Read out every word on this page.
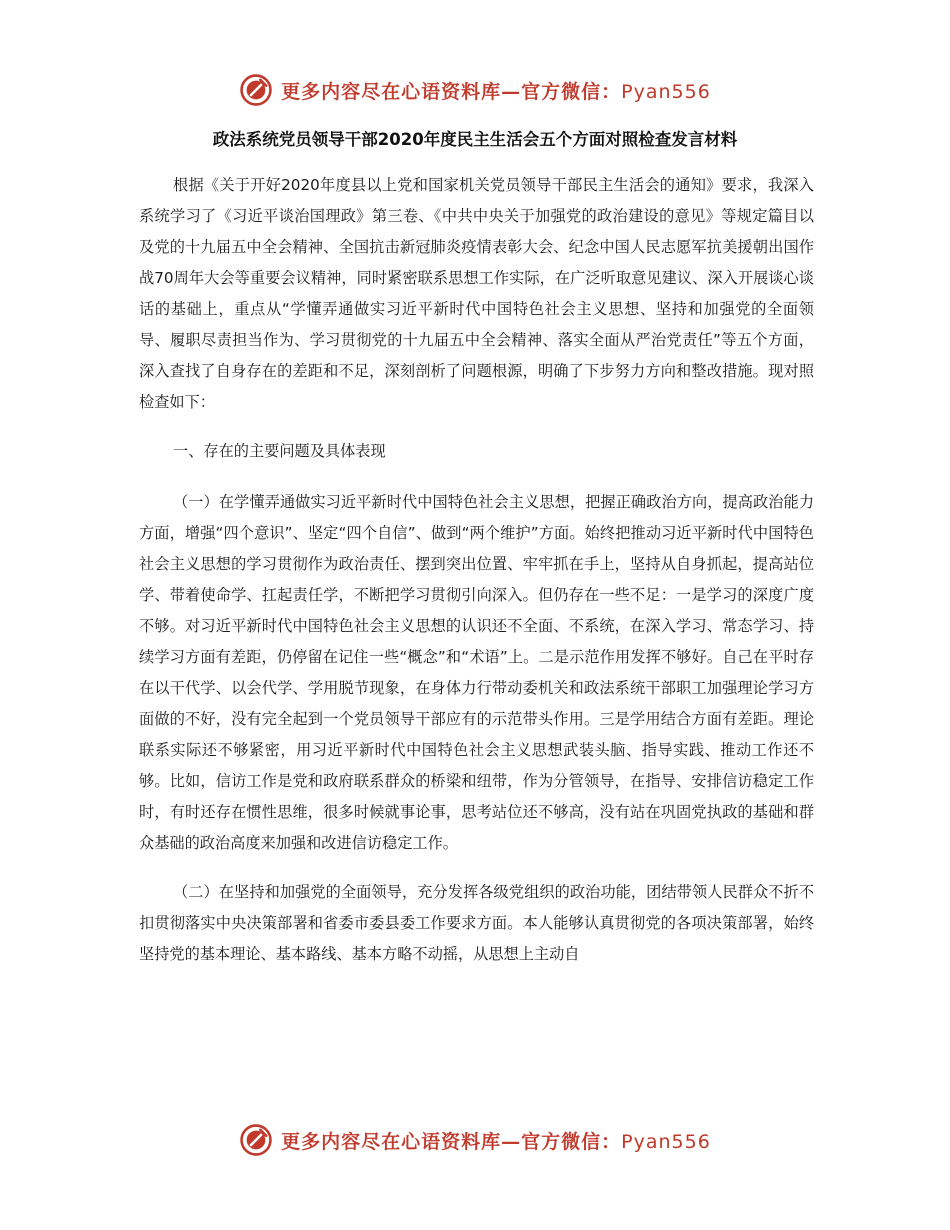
更多内容尽在心语资料库—官方微信：Pyan556
政法系统党员领导干部2020年度民主生活会五个方面对照检查发言材料

根据《关于开好2020年度县以上党和国家机关党员领导干部民主生活会的通知》要求，我深入系统学习了《习近平谈治国理政》第三卷、《中共中央关于加强党的政治建设的意见》等规定篇目以及党的十九届五中全会精神、全国抗击新冠肺炎疫情表彰大会、纪念中国人民志愿军抗美援朝出国作战70周年大会等重要会议精神，同时紧密联系思想工作实际，在广泛听取意见建议、深入开展谈心谈话的基础上，重点从“学懂弄通做实习近平新时代中国特色社会主义思想、坚持和加强党的全面领导、履职尽责担当作为、学习贯彻党的十九届五中全会精神、落实全面从严治党责任”等五个方面，深入查找了自身存在的差距和不足，深刻剖析了问题根源，明确了下步努力方向和整改措施。现对照检查如下：

一、存在的主要问题及具体表现

（一）在学懂弄通做实习近平新时代中国特色社会主义思想，把握正确政治方向，提高政治能力方面，增强“四个意识”、坚定“四个自信”、做到“两个维护”方面。始终把推动习近平新时代中国特色社会主义思想的学习贯彻作为政治责任、摆到突出位置、牢牢抓在手上，坚持从自身抓起，提高站位学、带着使命学、扛起责任学，不断把学习贯彻引向深入。但仍存在一些不足：一是学习的深度广度不够。对习近平新时代中国特色社会主义思想的认识还不全面、不系统，在深入学习、常态学习、持续学习方面有差距，仍停留在记住一些“概念”和“术语”上。二是示范作用发挥不够好。自己在平时存在以干代学、以会代学、学用脱节现象，在身体力行带动委机关和政法系统干部职工加强理论学习方面做的不好，没有完全起到一个党员领导干部应有的示范带头作用。三是学用结合方面有差距。理论联系实际还不够紧密，用习近平新时代中国特色社会主义思想武装头脑、指导实践、推动工作还不够。比如，信访工作是党和政府联系群众的桥梁和纽带，作为分管领导，在指导、安排信访稳定工作时，有时还存在惯性思维，很多时候就事论事，思考站位还不够高，没有站在巩固党执政的基础和群众基础的政治高度来加强和改进信访稳定工作。

（二）在坚持和加强党的全面领导，充分发挥各级党组织的政治功能，团结带领人民群众不折不扣贯彻落实中央决策部署和省委市委县委工作要求方面。本人能够认真贯彻党的各项决策部署，始终坚持党的基本理论、基本路线、基本方略不动摇，从思想上主动自

更多内容尽在心语资料库—官方微信：Pyan556
